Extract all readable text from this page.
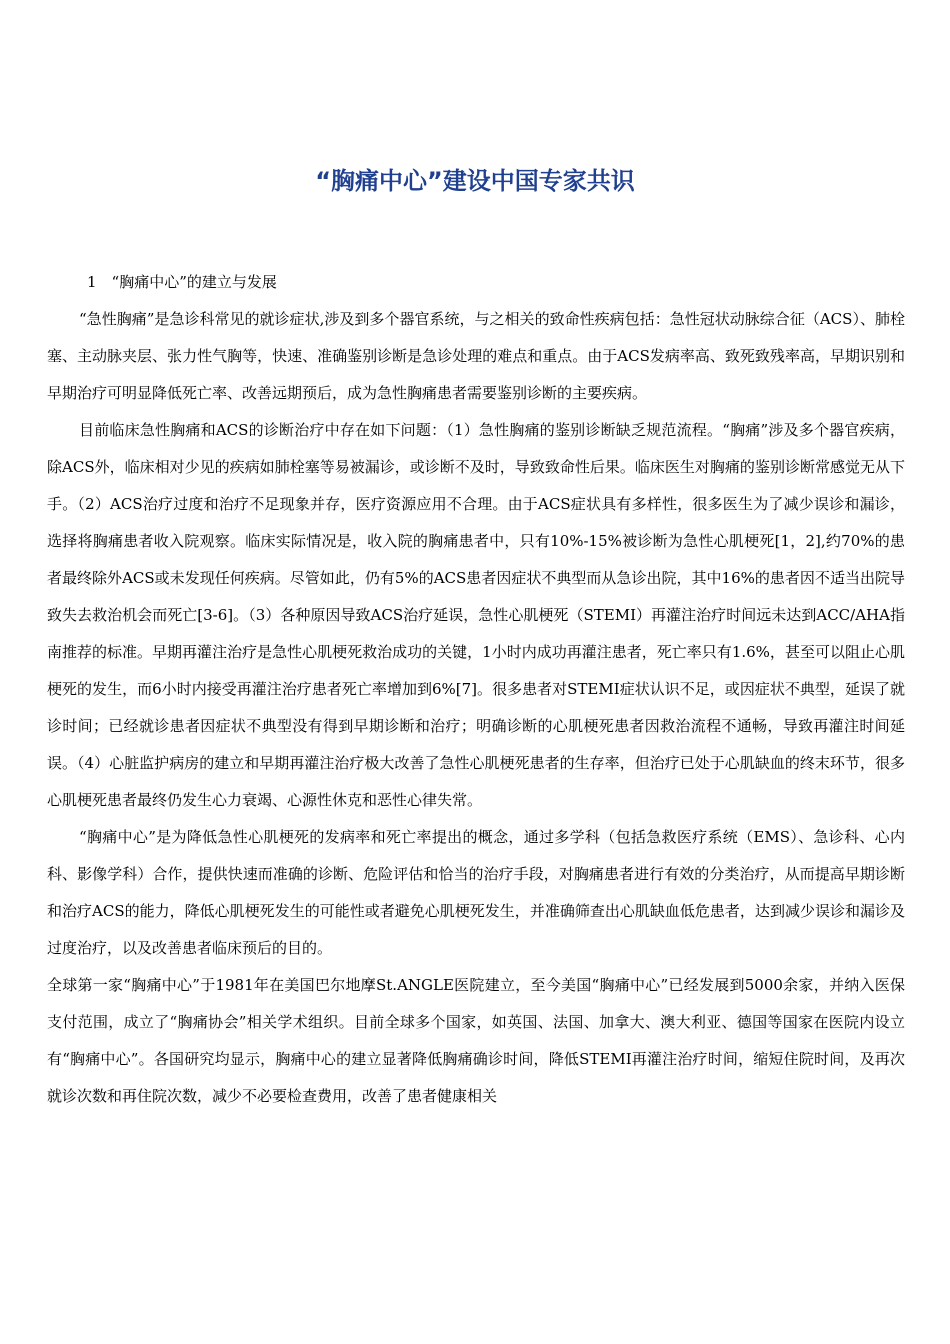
“胸痛中心”建设中国专家共识

1　“胸痛中心”的建立与发展

“急性胸痛”是急诊科常见的就诊症状,涉及到多个器官系统，与之相关的致命性疾病包括：急性冠状动脉综合征（ACS）、肺栓塞、主动脉夹层、张力性气胸等，快速、准确鉴别诊断是急诊处理的难点和重点。由于ACS发病率高、致死致残率高，早期识别和早期治疗可明显降低死亡率、改善远期预后，成为急性胸痛患者需要鉴别诊断的主要疾病。

目前临床急性胸痛和ACS的诊断治疗中存在如下问题：（1）急性胸痛的鉴别诊断缺乏规范流程。“胸痛”涉及多个器官疾病，除ACS外，临床相对少见的疾病如肺栓塞等易被漏诊，或诊断不及时，导致致命性后果。临床医生对胸痛的鉴别诊断常感觉无从下手。（2）ACS治疗过度和治疗不足现象并存，医疗资源应用不合理。由于ACS症状具有多样性，很多医生为了减少误诊和漏诊，选择将胸痛患者收入院观察。临床实际情况是，收入院的胸痛患者中，只有10%-15%被诊断为急性心肌梗死[1，2],约70%的患者最终除外ACS或未发现任何疾病。尽管如此，仍有5%的ACS患者因症状不典型而从急诊出院，其中16%的患者因不适当出院导致失去救治机会而死亡[3-6]。（3）各种原因导致ACS治疗延误，急性心肌梗死（STEMI）再灌注治疗时间远未达到ACC/AHA指南推荐的标准。早期再灌注治疗是急性心肌梗死救治成功的关键，1小时内成功再灌注患者，死亡率只有1.6%，甚至可以阻止心肌梗死的发生，而6小时内接受再灌注治疗患者死亡率增加到6%[7]。很多患者对STEMI症状认识不足，或因症状不典型，延误了就诊时间；已经就诊患者因症状不典型没有得到早期诊断和治疗；明确诊断的心肌梗死患者因救治流程不通畅，导致再灌注时间延误。（4）心脏监护病房的建立和早期再灌注治疗极大改善了急性心肌梗死患者的生存率，但治疗已处于心肌缺血的终末环节，很多心肌梗死患者最终仍发生心力衰竭、心源性休克和恶性心律失常。

“胸痛中心”是为降低急性心肌梗死的发病率和死亡率提出的概念，通过多学科（包括急救医疗系统（EMS）、急诊科、心内科、影像学科）合作，提供快速而准确的诊断、危险评估和恰当的治疗手段，对胸痛患者进行有效的分类治疗，从而提高早期诊断和治疗ACS的能力，降低心肌梗死发生的可能性或者避免心肌梗死发生，并准确筛查出心肌缺血低危患者，达到减少误诊和漏诊及过度治疗，以及改善患者临床预后的目的。

全球第一家“胸痛中心”于1981年在美国巴尔地摩St.ANGLE医院建立，至今美国“胸痛中心”已经发展到5000余家，并纳入医保支付范围，成立了“胸痛协会”相关学术组织。目前全球多个国家，如英国、法国、加拿大、澳大利亚、德国等国家在医院内设立有“胸痛中心”。各国研究均显示，胸痛中心的建立显著降低胸痛确诊时间，降低STEMI再灌注治疗时间，缩短住院时间，及再次就诊次数和再住院次数，减少不必要检查费用，改善了患者健康相关
